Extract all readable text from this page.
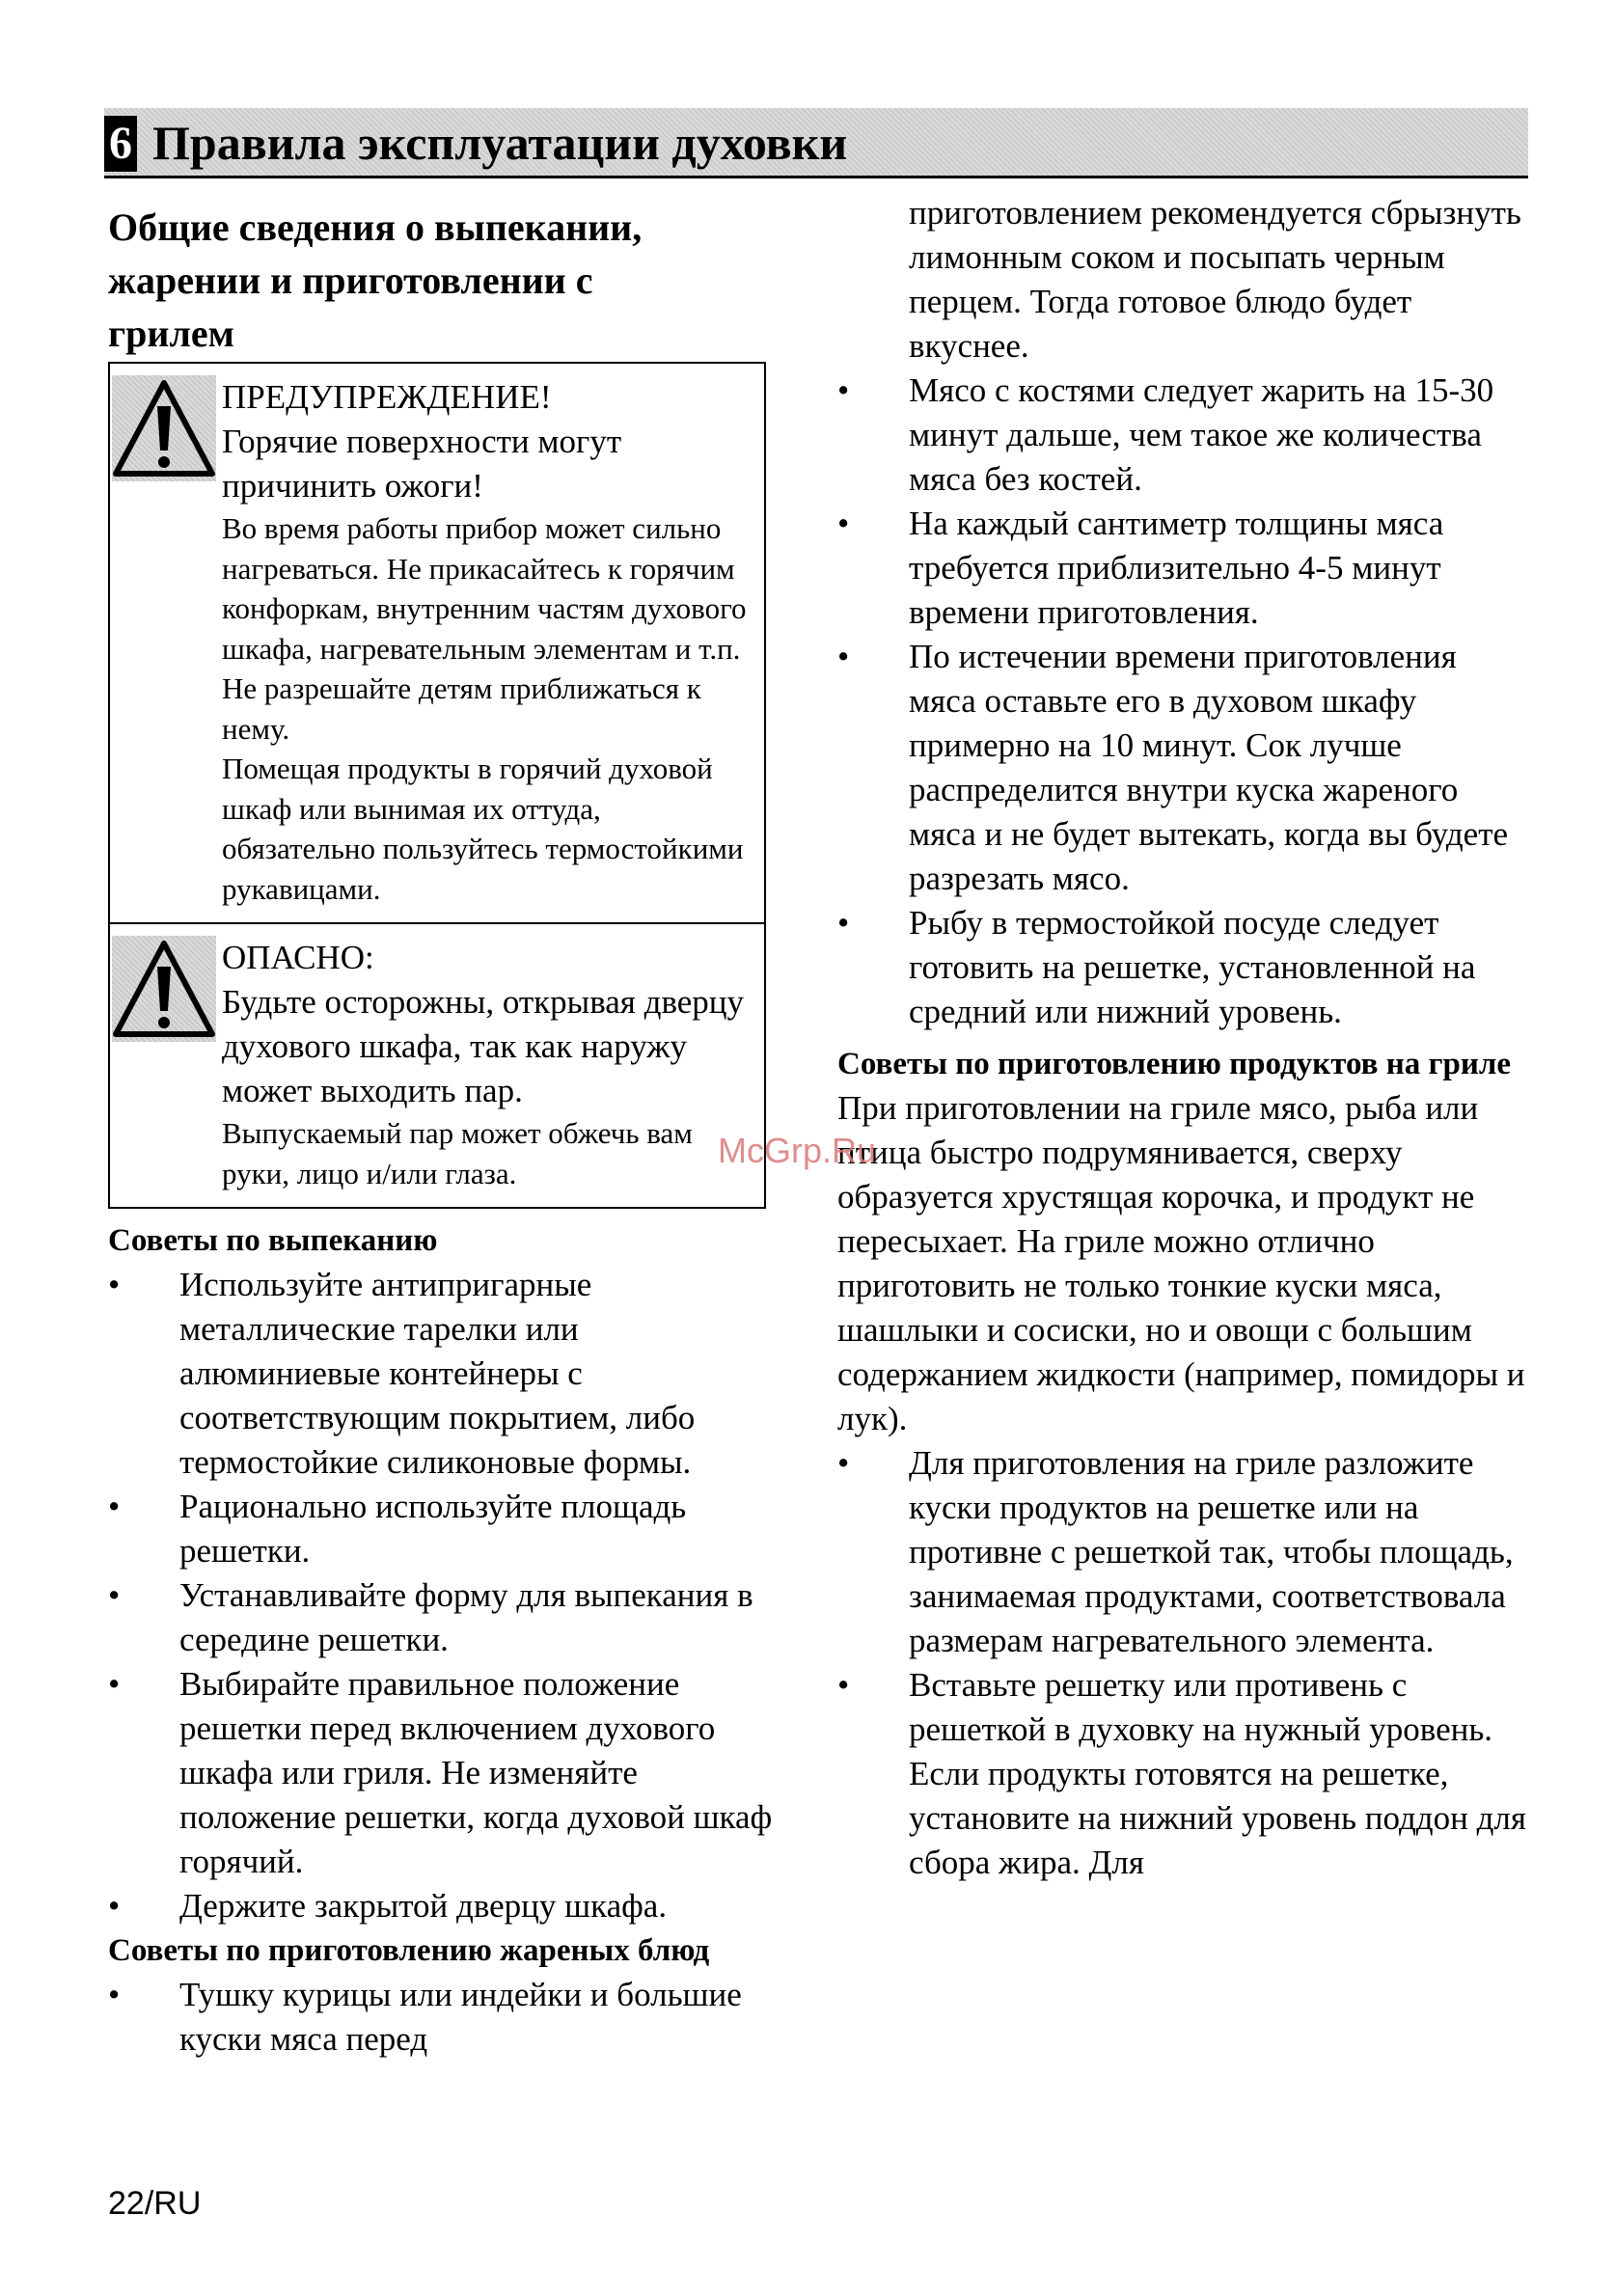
6 Правила эксплуатации духовки
Общие сведения о выпекании,
жарении и приготовлении с
грилем
ПРЕДУПРЕЖДЕНИЕ!
Горячие поверхности могут
причинить ожоги!
Во время работы прибор может сильно нагреваться. Не прикасайтесь к горячим конфоркам, внутренним частям духового шкафа, нагревательным элементам и т.п. Не разрешайте детям приближаться к нему.
Помещая продукты в горячий духовой шкаф или вынимая их оттуда, обязательно пользуйтесь термостойкими рукавицами.
ОПАСНО:
Будьте осторожны, открывая дверцу духового шкафа, так как наружу может выходить пар.
Выпускаемый пар может обжечь вам руки, лицо и/или глаза.
Советы по выпеканию
• Используйте антипригарные металлические тарелки или алюминиевые контейнеры с соответствующим покрытием, либо термостойкие силиконовые формы.
• Рационально используйте площадь решетки.
• Устанавливайте форму для выпекания в середине решетки.
• Выбирайте правильное положение решетки перед включением духового шкафа или гриля. Не изменяйте положение решетки, когда духовой шкаф горячий.
• Держите закрытой дверцу шкафа.
Советы по приготовлению жареных блюд
• Тушку курицы или индейки и большие куски мяса перед

приготовлением рекомендуется сбрызнуть лимонным соком и посыпать черным перцем. Тогда готовое блюдо будет вкуснее.

• Мясо с костями следует жарить на 15-30 минут дальше, чем такое же количества мяса без костей.
• На каждый сантиметр толщины мяса требуется приблизительно 4-5 минут времени приготовления.
• По истечении времени приготовления мяса оставьте его в духовом шкафу примерно на 10 минут. Сок лучше распределится внутри куска жареного мяса и не будет вытекать, когда вы будете разрезать мясо.
• Рыбу в термостойкой посуде следует готовить на решетке, установленной на средний или нижний уровень.
Советы по приготовлению продуктов на гриле

При приготовлении на гриле мясо, рыба или птица быстро подрумянивается, сверху образуется хрустящая корочка, и продукт не пересыхает. На гриле можно отлично приготовить не только тонкие куски мяса, шашлыки и сосиски, но и овощи с большим содержанием жидкости (например, помидоры и лук).

• Для приготовления на гриле разложите куски продуктов на решетке или на противне с решеткой так, чтобы площадь, занимаемая продуктами, соответствовала размерам нагревательного элемента.
• Вставьте решетку или противень с решеткой в духовку на нужный уровень. Если продукты готовятся на решетке, установите на нижний уровень поддон для сбора жира. Для
McGrp.Ru
22/RU
